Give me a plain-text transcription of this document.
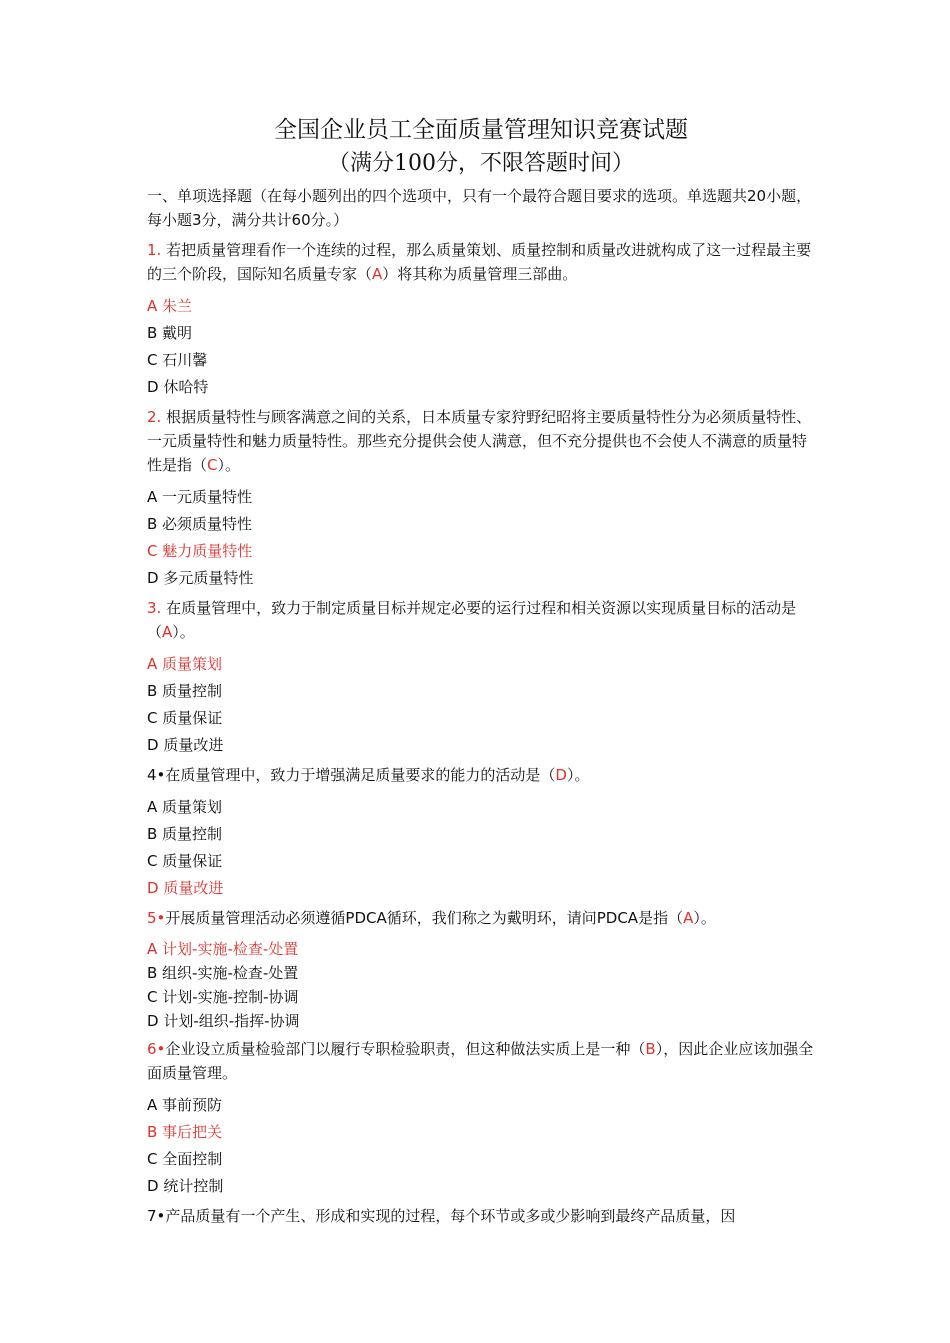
全国企业员工全面质量管理知识竞赛试题

（满分100分，不限答题时间）

一、单项选择题（在每小题列出的四个选项中，只有一个最符合题目要求的选项。单选题共20小题，每小题3分，满分共计60分。）

1. 若把质量管理看作一个连续的过程，那么质量策划、质量控制和质量改进就构成了这一过程最主要的三个阶段，国际知名质量专家（A）将其称为质量管理三部曲。

A 朱兰

B 戴明

C 石川馨

D 休哈特

2. 根据质量特性与顾客满意之间的关系，日本质量专家狩野纪昭将主要质量特性分为必须质量特性、一元质量特性和魅力质量特性。那些充分提供会使人满意，但不充分提供也不会使人不满意的质量特性是指（C）。

A 一元质量特性

B 必须质量特性

C 魅力质量特性

D 多元质量特性

3. 在质量管理中，致力于制定质量目标并规定必要的运行过程和相关资源以实现质量目标的活动是（A）。

A 质量策划

B 质量控制

C 质量保证

D 质量改进

4•在质量管理中，致力于增强满足质量要求的能力的活动是（D）。

A 质量策划

B 质量控制

C 质量保证

D 质量改进

5•开展质量管理活动必须遵循PDCA循环，我们称之为戴明环，请问PDCA是指（A）。

A 计划-实施-检查-处置

B 组织-实施-检查-处置

C 计划-实施-控制-协调

D 计划-组织-指挥-协调

6•企业设立质量检验部门以履行专职检验职责，但这种做法实质上是一种（B），因此企业应该加强全面质量管理。

A 事前预防

B 事后把关

C 全面控制

D 统计控制

7•产品质量有一个产生、形成和实现的过程，每个环节或多或少影响到最终产品质量，因
